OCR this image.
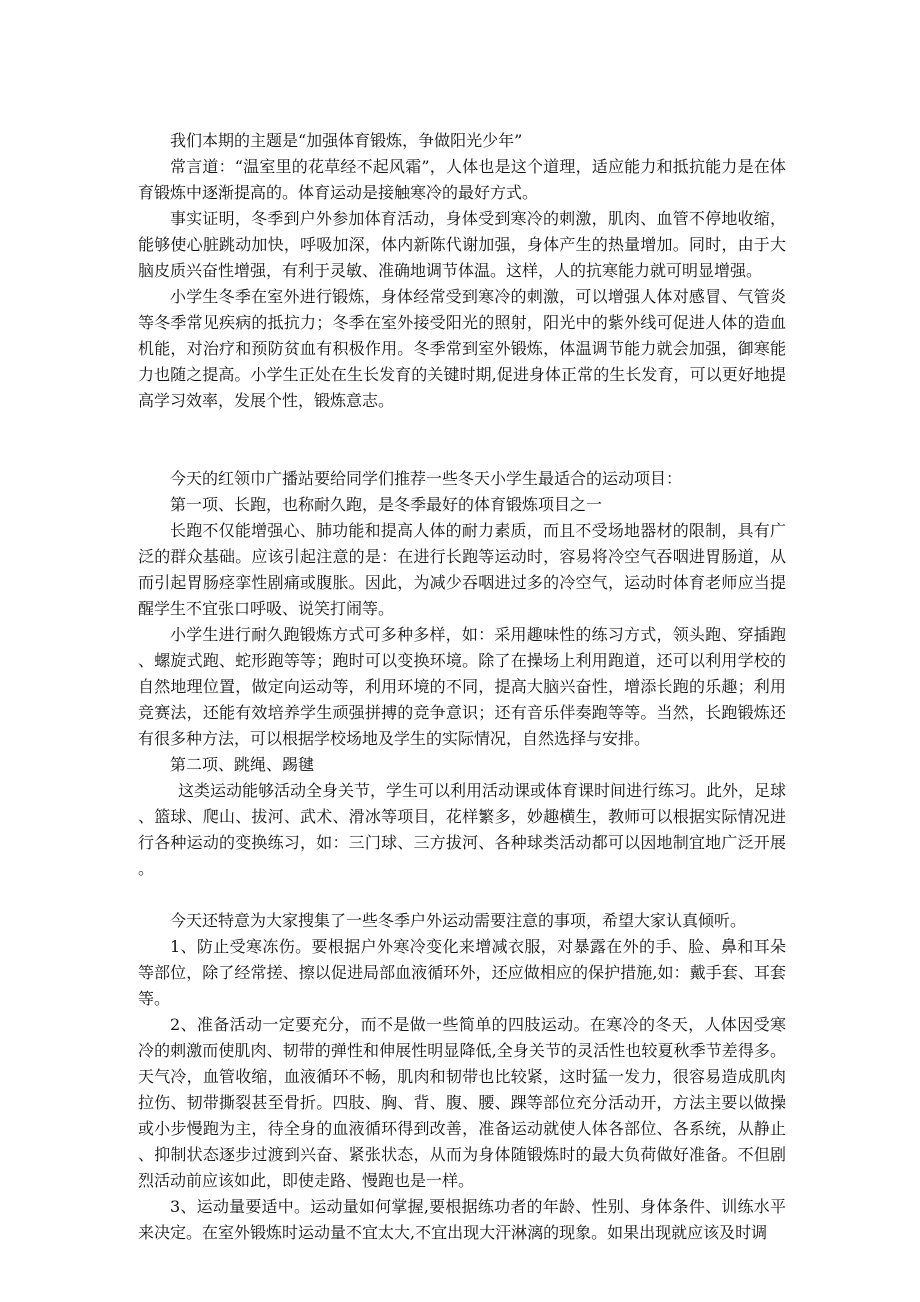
我们本期的主题是“加强体育锻炼，争做阳光少年”

常言道：“温室里的花草经不起风霜”，人体也是这个道理，适应能力和抵抗能力是在体育锻炼中逐渐提高的。体育运动是接触寒冷的最好方式。

事实证明，冬季到户外参加体育活动，身体受到寒冷的刺激，肌肉、血管不停地收缩，能够使心脏跳动加快，呼吸加深，体内新陈代谢加强，身体产生的热量增加。同时，由于大脑皮质兴奋性增强，有利于灵敏、准确地调节体温。这样，人的抗寒能力就可明显增强。

小学生冬季在室外进行锻炼，身体经常受到寒冷的刺激，可以增强人体对感冒、气管炎等冬季常见疾病的抵抗力；冬季在室外接受阳光的照射，阳光中的紫外线可促进人体的造血机能，对治疗和预防贫血有积极作用。冬季常到室外锻炼，体温调节能力就会加强，御寒能力也随之提高。小学生正处在生长发育的关键时期,促进身体正常的生长发育，可以更好地提高学习效率，发展个性，锻炼意志。

今天的红领巾广播站要给同学们推荐一些冬天小学生最适合的运动项目：

第一项、长跑，也称耐久跑，是冬季最好的体育锻炼项目之一

长跑不仅能增强心、肺功能和提高人体的耐力素质，而且不受场地器材的限制，具有广泛的群众基础。应该引起注意的是：在进行长跑等运动时，容易将冷空气吞咽进胃肠道，从而引起胃肠痉挛性剧痛或腹胀。因此，为减少吞咽进过多的冷空气，运动时体育老师应当提醒学生不宜张口呼吸、说笑打闹等。

小学生进行耐久跑锻炼方式可多种多样，如：采用趣味性的练习方式，领头跑、穿插跑、螺旋式跑、蛇形跑等等；跑时可以变换环境。除了在操场上利用跑道，还可以利用学校的自然地理位置，做定向运动等，利用环境的不同，提高大脑兴奋性，增添长跑的乐趣；利用竞赛法，还能有效培养学生顽强拼搏的竞争意识；还有音乐伴奏跑等等。当然，长跑锻炼还有很多种方法，可以根据学校场地及学生的实际情况，自然选择与安排。

第二项、跳绳、踢毽

这类运动能够活动全身关节，学生可以利用活动课或体育课时间进行练习。此外，足球、篮球、爬山、拔河、武术、滑冰等项目，花样繁多，妙趣横生，教师可以根据实际情况进行各种运动的变换练习，如：三门球、三方拔河、各种球类活动都可以因地制宜地广泛开展。

今天还特意为大家搜集了一些冬季户外运动需要注意的事项，希望大家认真倾听。

1、防止受寒冻伤。要根据户外寒冷变化来增减衣服，对暴露在外的手、脸、鼻和耳朵等部位，除了经常搓、擦以促进局部血液循环外，还应做相应的保护措施,如：戴手套、耳套等。

2、准备活动一定要充分，而不是做一些简单的四肢运动。在寒冷的冬天，人体因受寒冷的刺激而使肌肉、韧带的弹性和伸展性明显降低,全身关节的灵活性也较夏秋季节差得多。天气冷，血管收缩，血液循环不畅，肌肉和韧带也比较紧，这时猛一发力，很容易造成肌肉拉伤、韧带撕裂甚至骨折。四肢、胸、背、腹、腰、踝等部位充分活动开，方法主要以做操或小步慢跑为主，待全身的血液循环得到改善，准备运动就使人体各部位、各系统，从静止、抑制状态逐步过渡到兴奋、紧张状态，从而为身体随锻炼时的最大负荷做好准备。不但剧烈活动前应该如此，即使走路、慢跑也是一样。

3、运动量要适中。运动量如何掌握,要根据练功者的年龄、性别、身体条件、训练水平来决定。在室外锻炼时运动量不宜太大,不宜出现大汗淋漓的现象。如果出现就应该及时调
